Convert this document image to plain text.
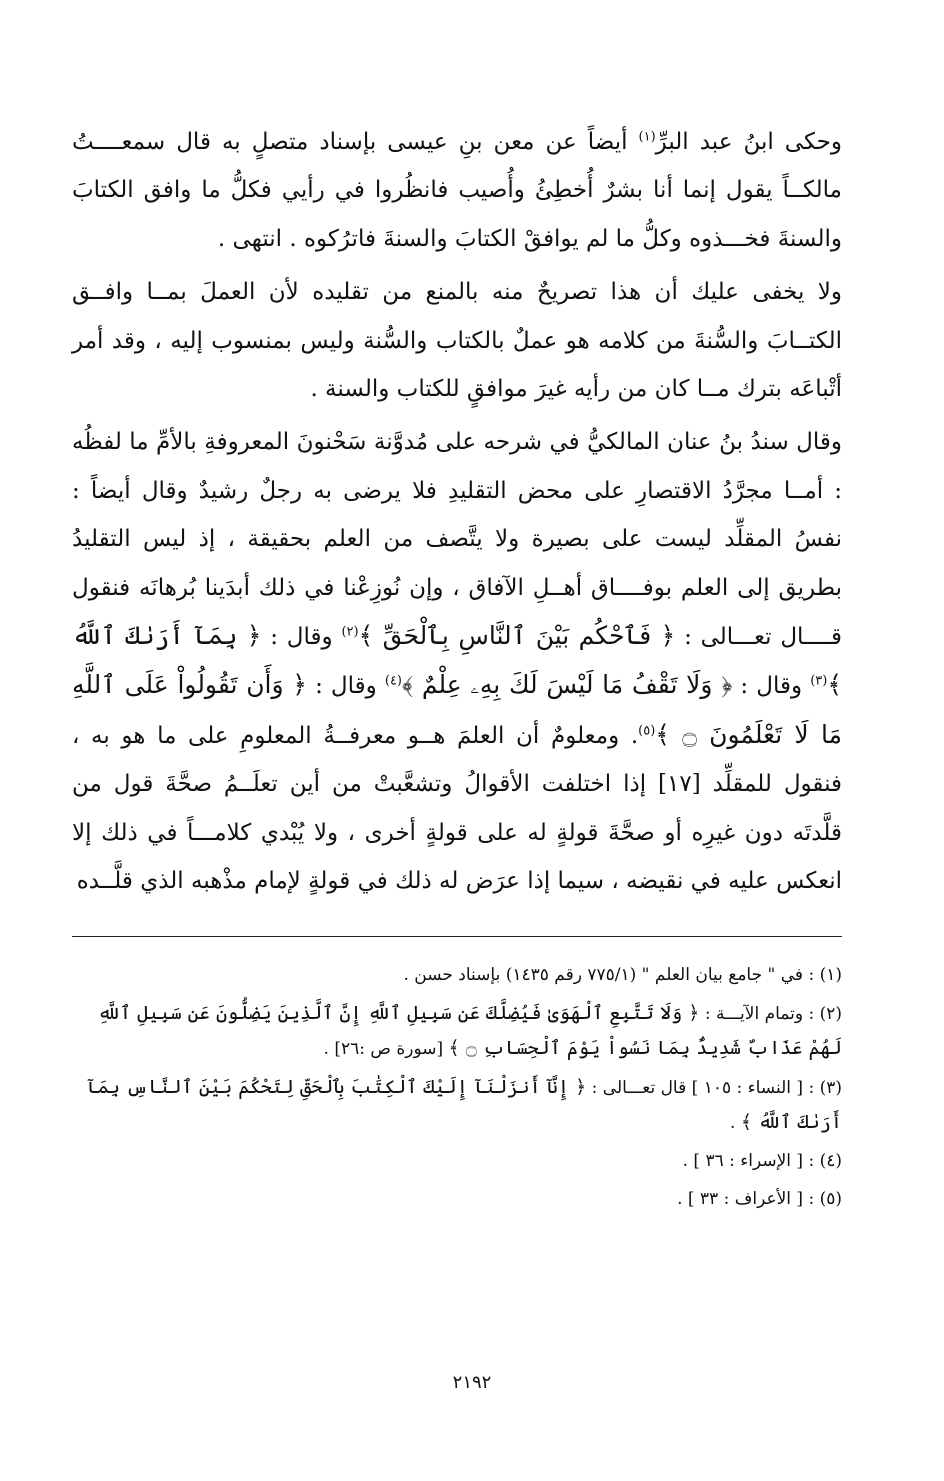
وحكى ابنُ عبد البرِّ$^{(١)}$ أيضاً عن معن بنِ عيسى بإسناد متصلٍ به قال سمعــــتُ مالكــاً يقول إنما أنا بشرٌ أُخطِئُ وأُصيب فانظُروا في رأيي فكلُّ ما وافق الكتابَ والسنةَ فخـــذوه وكلُّ ما لم يوافقْ الكتابَ والسنةَ فاترُكوه . انتهى .

ولا يخفى عليك أن هذا تصريحٌ منه بالمنع من تقليده لأن العملَ بمــا وافــق الكتــابَ والسُّنةَ من كلامه هو عملٌ بالكتاب والسُّنة وليس بمنسوب إليه ، وقد أمر أتْباعَه بترك مــا كان من رأيه غيرَ موافقٍ للكتاب والسنة .

وقال سندُ بنُ عنان المالكيُّ في شرحه على مُدوَّنة سَحْنونَ المعروفةِ بالأمِّ ما لفظُه : أمــا مجرَّدُ الاقتصارِ على محض التقليدِ فلا يرضى به رجلٌ رشيدٌ وقال أيضاً : نفسُ المقلِّد ليست على بصيرة ولا يتَّصف من العلم بحقيقة ، إذ ليس التقليدُ بطريق إلى العلم بوفــــاق أهــلِ الآفاق ، وإن نُوزِعْنا في ذلك أبدَينا بُرهانَه فنقول قــــال تعـــالى : ﴿ فَٱحْكُم بَيْنَ ٱلنَّاسِ بِٱلْحَقِّ ﴾$^{(٢)}$ وقال : ﴿ بِمَآ أَرَىٰكَ ٱللَّهُ ﴾$^{(٣)}$ وقال : ﴿ وَلَا تَقْفُ مَا لَيْسَ لَكَ بِهِۦ عِلْمٌ ﴾$^{(٤)}$ وقال : ﴿ وَأَن تَقُولُواْ عَلَى ٱللَّهِ مَا لَا تَعْلَمُونَ ۝ ﴾$^{(٥)}$. ومعلومٌ أن العلمَ هــو معرفــةُ المعلومِ على ما هو به ، فنقول للمقلِّد [١٧] إذا اختلفت الأقوالُ وتشعَّبتْ من أين تعلَــمُ صحَّةَ قول من قلَّدتَه دون غيرِه أو صحَّةَ قولةٍ له على قولةٍ أخرى ، ولا يُبْدي كلامـــاً في ذلك إلا انعكس عليه في نقيضه ، سيما إذا عرَض له ذلك في قولةٍ لإمام مذْهبه الذي قلَّــده

(١) : في " جامع بيان العلم " (٧٧٥/١ رقم ١٤٣٥) بإسناد حسن .

(٢) : وتمام الآيـــة : ﴿ وَلَا تَتَّبِعِ ٱلْهَوَىٰ فَيُضِلَّكَ عَن سَبِيلِ ٱللَّهِ إِنَّ ٱلَّذِينَ يَضِلُّونَ عَن سَبِيلِ ٱللَّهِ لَهُمْ عَذَابٌ شَدِيدٌۢ بِمَا نَسُواْ يَوْمَ ٱلْحِسَابِ ۝ ﴾ [سورة ص :٢٦] .

(٣) : [ النساء : ١٠٥ ] قال تعـــالى : ﴿ إِنَّآ أَنزَلْنَآ إِلَيْكَ ٱلْكِتَٰبَ بِٱلْحَقِّ لِتَحْكُمَ بَيْنَ ٱلنَّاسِ بِمَآ أَرَىٰكَ ٱللَّهُ ﴾ .

(٤) : [ الإسراء : ٣٦ ] .

(٥) : [ الأعراف : ٣٣ ] .

٢١٩٢
